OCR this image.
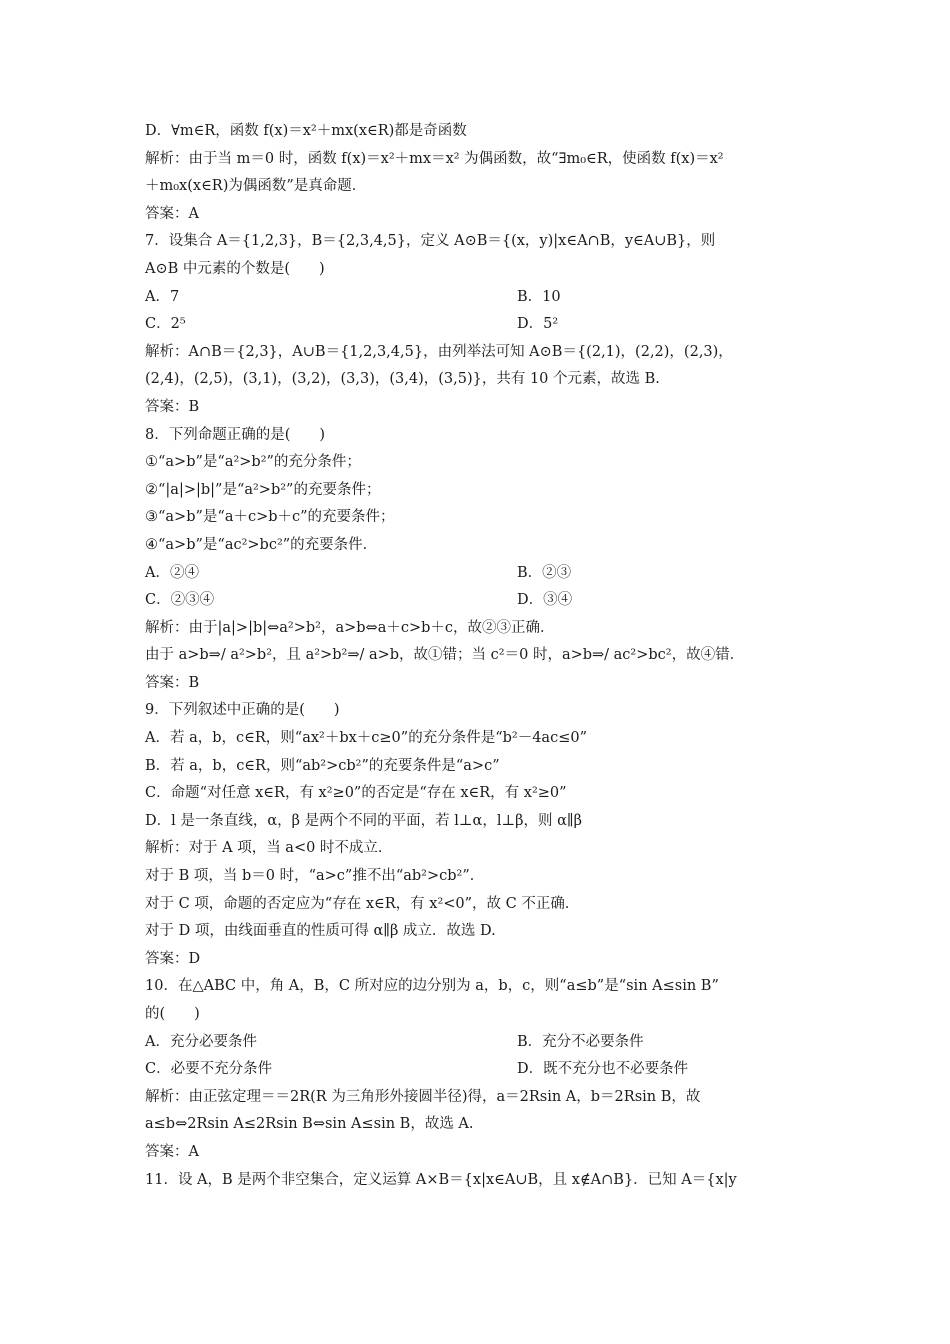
D．∀m∈R，函数 f(x)＝x²＋mx(x∈R)都是奇函数
解析：由于当 m＝0 时，函数 f(x)＝x²＋mx＝x² 为偶函数，故“∃m₀∈R，使函数 f(x)＝x²
＋m₀x(x∈R)为偶函数”是真命题．
答案：A
7．设集合 A＝{1,2,3}，B＝{2,3,4,5}，定义 A⊙B＝{(x，y)|x∈A∩B，y∈A∪B}，则
A⊙B 中元素的个数是(　　)
A．7	B．10
C．2⁵	D．5²
解析：A∩B＝{2,3}，A∪B＝{1,2,3,4,5}，由列举法可知 A⊙B＝{(2,1)，(2,2)，(2,3)，
(2,4)，(2,5)，(3,1)，(3,2)，(3,3)，(3,4)，(3,5)}，共有 10 个元素，故选 B.
答案：B
8．下列命题正确的是(　　)
①“a>b”是“a²>b²”的充分条件；
②“|a|>|b|”是“a²>b²”的充要条件；
③“a>b”是“a＋c>b＋c”的充要条件；
④“a>b”是“ac²>bc²”的充要条件．
A．②④	B．②③
C．②③④	D．③④
解析：由于|a|>|b|⇔a²>b²，a>b⇔a＋c>b＋c，故②③正确．
由于 a>b⇒/ a²>b²，且 a²>b²⇒/ a>b，故①错；当 c²＝0 时，a>b⇒/ ac²>bc²，故④错．
答案：B
9．下列叙述中正确的是(　　)
A．若 a，b，c∈R，则“ax²＋bx＋c≥0”的充分条件是“b²－4ac≤0”
B．若 a，b，c∈R，则“ab²>cb²”的充要条件是“a>c”
C．命题“对任意 x∈R，有 x²≥0”的否定是“存在 x∈R，有 x²≥0”
D．l 是一条直线，α，β 是两个不同的平面，若 l⊥α，l⊥β，则 α∥β
解析：对于 A 项，当 a<0 时不成立．
对于 B 项，当 b＝0 时，“a>c”推不出“ab²>cb²”．
对于 C 项，命题的否定应为“存在 x∈R，有 x²<0”，故 C 不正确．
对于 D 项，由线面垂直的性质可得 α∥β 成立．故选 D.
答案：D
10．在△ABC 中，角 A，B，C 所对应的边分别为 a，b，c，则“a≤b”是“sin A≤sin B”
的(　　)
A．充分必要条件	B．充分不必要条件
C．必要不充分条件	D．既不充分也不必要条件
解析：由正弦定理＝＝2R(R 为三角形外接圆半径)得，a＝2Rsin A，b＝2Rsin B，故
a≤b⇔2Rsin A≤2Rsin B⇔sin A≤sin B，故选 A.
答案：A
11．设 A，B 是两个非空集合，定义运算 A×B＝{x|x∈A∪B，且 x∉A∩B}．已知 A＝{x|y
